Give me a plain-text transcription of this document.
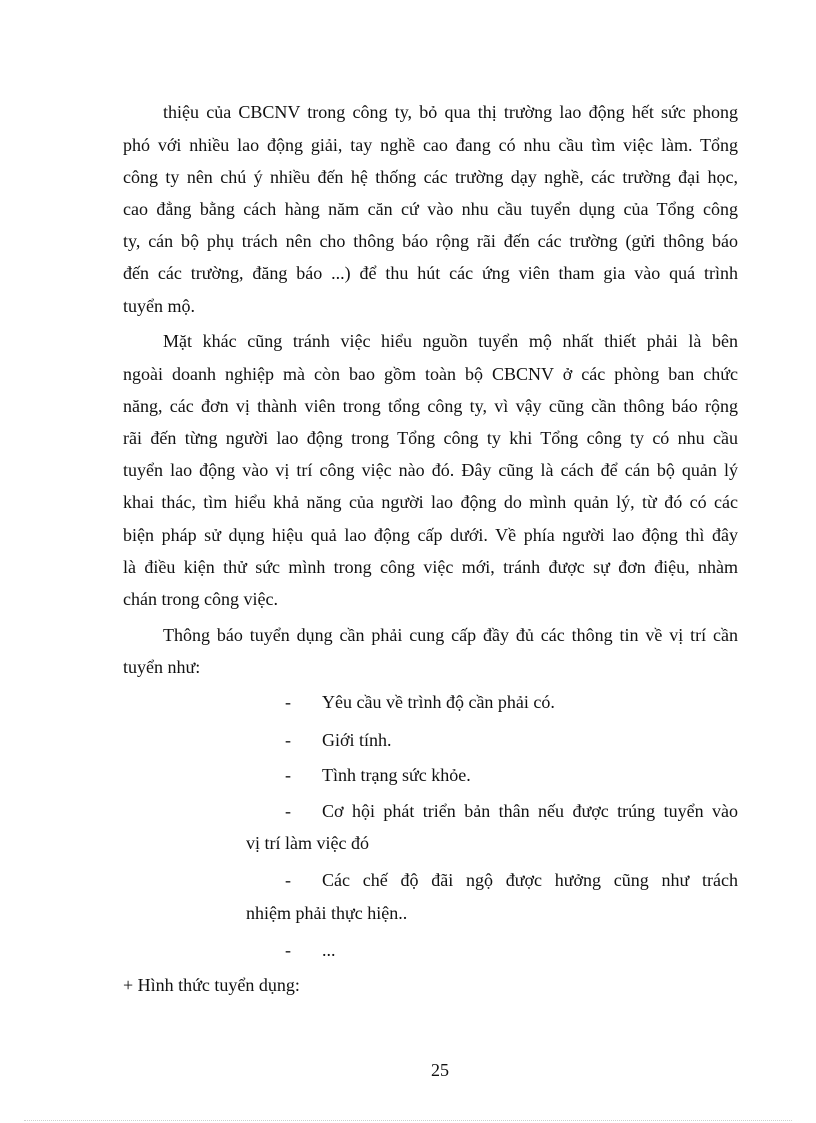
thiệu của CBCNV trong công ty, bỏ qua thị trường lao động hết sức phong
phó với nhiều lao động giải, tay nghề cao đang có nhu cầu tìm việc làm. Tổng
công ty nên chú ý nhiều đến hệ thống các trường dạy nghề, các trường đại học,
cao đẳng bằng cách hàng năm căn cứ vào nhu cầu tuyển dụng của Tổng công
ty, cán bộ phụ trách nên cho thông báo rộng rãi đến các trường (gửi thông báo
đến các trường, đăng báo ...) để thu hút các ứng viên tham gia vào quá trình
tuyển mộ.
Mặt khác cũng tránh việc hiểu nguồn tuyển mộ nhất thiết phải là bên
ngoài doanh nghiệp mà còn bao gồm toàn bộ CBCNV ở các phòng ban chức
năng, các đơn vị thành viên trong tổng công ty, vì vậy cũng cần thông báo rộng
rãi đến từng người lao động trong Tổng công ty khi Tổng công ty có nhu cầu
tuyển lao động vào vị trí công việc nào đó. Đây cũng là cách để cán bộ quản lý
khai thác, tìm hiểu khả năng của người lao động do mình quản lý, từ đó có các
biện pháp sử dụng hiệu quả lao động cấp dưới. Về phía người lao động thì đây
là điều kiện thử sức mình trong công việc mới, tránh được sự đơn điệu, nhàm
chán trong công việc.
Thông báo tuyển dụng cần phải cung cấp đầy đủ các thông tin về vị trí cần
tuyển như:
- Yêu cầu về trình độ cần phải có.
- Giới tính.
- Tình trạng sức khỏe.
- Cơ hội phát triển bản thân nếu được trúng tuyển vào
vị trí làm việc đó
- Các chế độ đãi ngộ được hưởng cũng như trách
nhiệm phải thực hiện..
- ...
+ Hình thức tuyển dụng:
25
